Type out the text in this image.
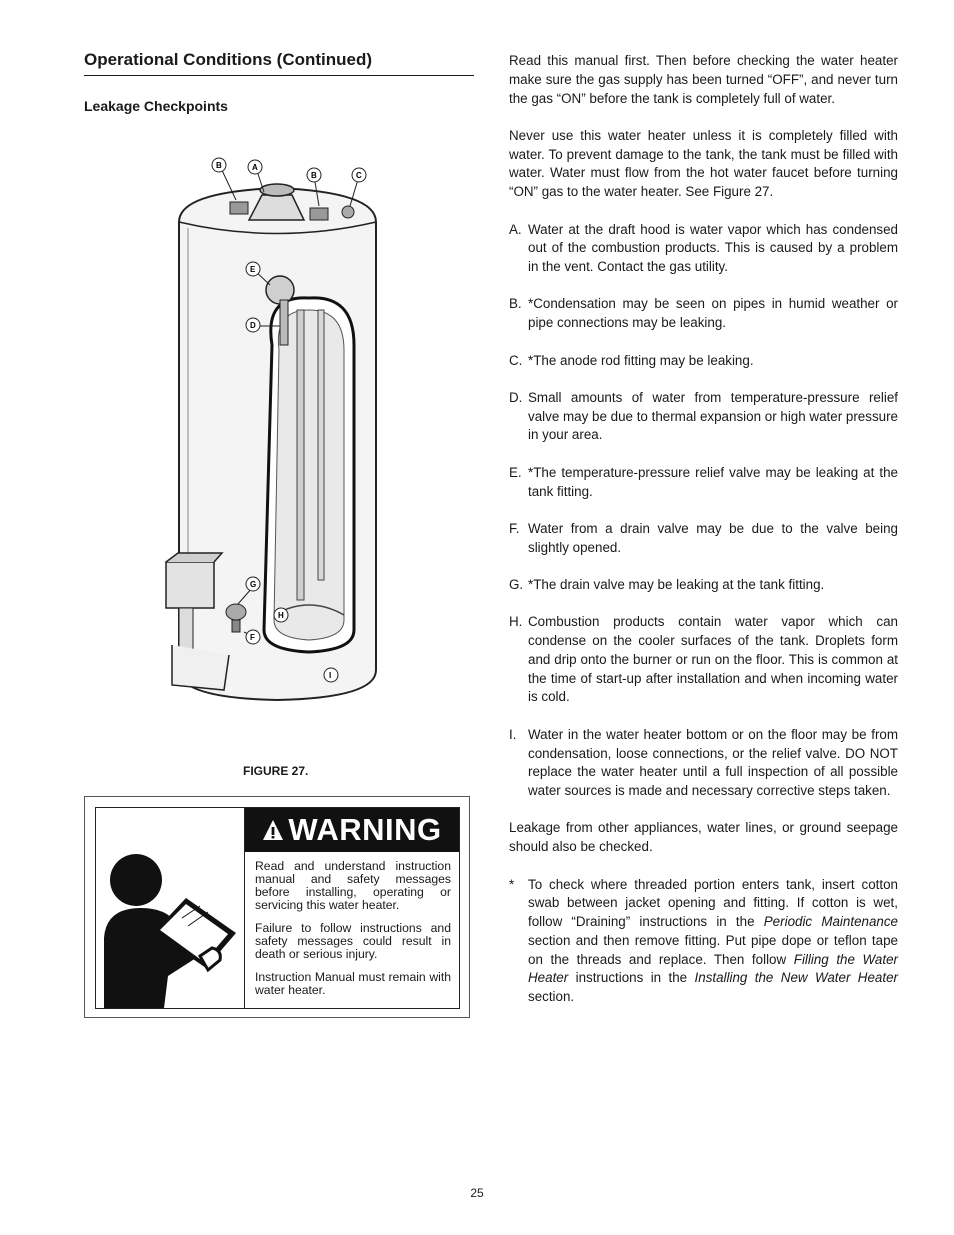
Operational Conditions (Continued)
Leakage Checkpoints
B	A
B	C
E
D
G
H
F
I
FIGURE 27.
WARNING

Read and understand instruction manual and safety messages before installing, operating or servicing this water heater.

Failure to follow instructions and safety messages could result in death or serious injury.

Instruction Manual must remain with water heater.

Read this manual first. Then before checking the water heater make sure the gas supply has been turned “OFF”, and never turn the gas “ON” before the tank is completely full of water.

Never use this water heater unless it is completely filled with water. To prevent damage to the tank, the tank must be filled with water. Water must flow from the hot water faucet before turning “ON” gas to the water heater. See Figure 27.

A. Water at the draft hood is water vapor which has condensed out of the combustion products. This is caused by a problem in the vent. Contact the gas utility.
B. *Condensation may be seen on pipes in humid weather or pipe connections may be leaking.
C. *The anode rod fitting may be leaking.
D. Small amounts of water from temperature-pressure relief valve may be due to thermal expansion or high water pressure in your area.
E. *The temperature-pressure relief valve may be leaking at the tank fitting.
F. Water from a drain valve may be due to the valve being slightly opened.
G. *The drain valve may be leaking at the tank fitting.
H. Combustion products contain water vapor which can condense on the cooler surfaces of the tank. Droplets form and drip onto the burner or run on the floor. This is common at the time of start-up after installation and when incoming water is cold.
I. Water in the water heater bottom or on the floor may be from condensation, loose connections, or the relief valve. DO NOT replace the water heater until a full inspection of all possible water sources is made and necessary corrective steps taken.

Leakage from other appliances, water lines, or ground seepage should also be checked.

*	To check where threaded portion enters tank, insert cotton swab between jacket opening and fitting. If cotton is wet, follow “Draining” instructions in the Periodic Maintenance section and then remove fitting. Put pipe dope or teflon tape on the threads and replace. Then follow Filling the Water Heater instructions in the Installing the New Water Heater section.
25
